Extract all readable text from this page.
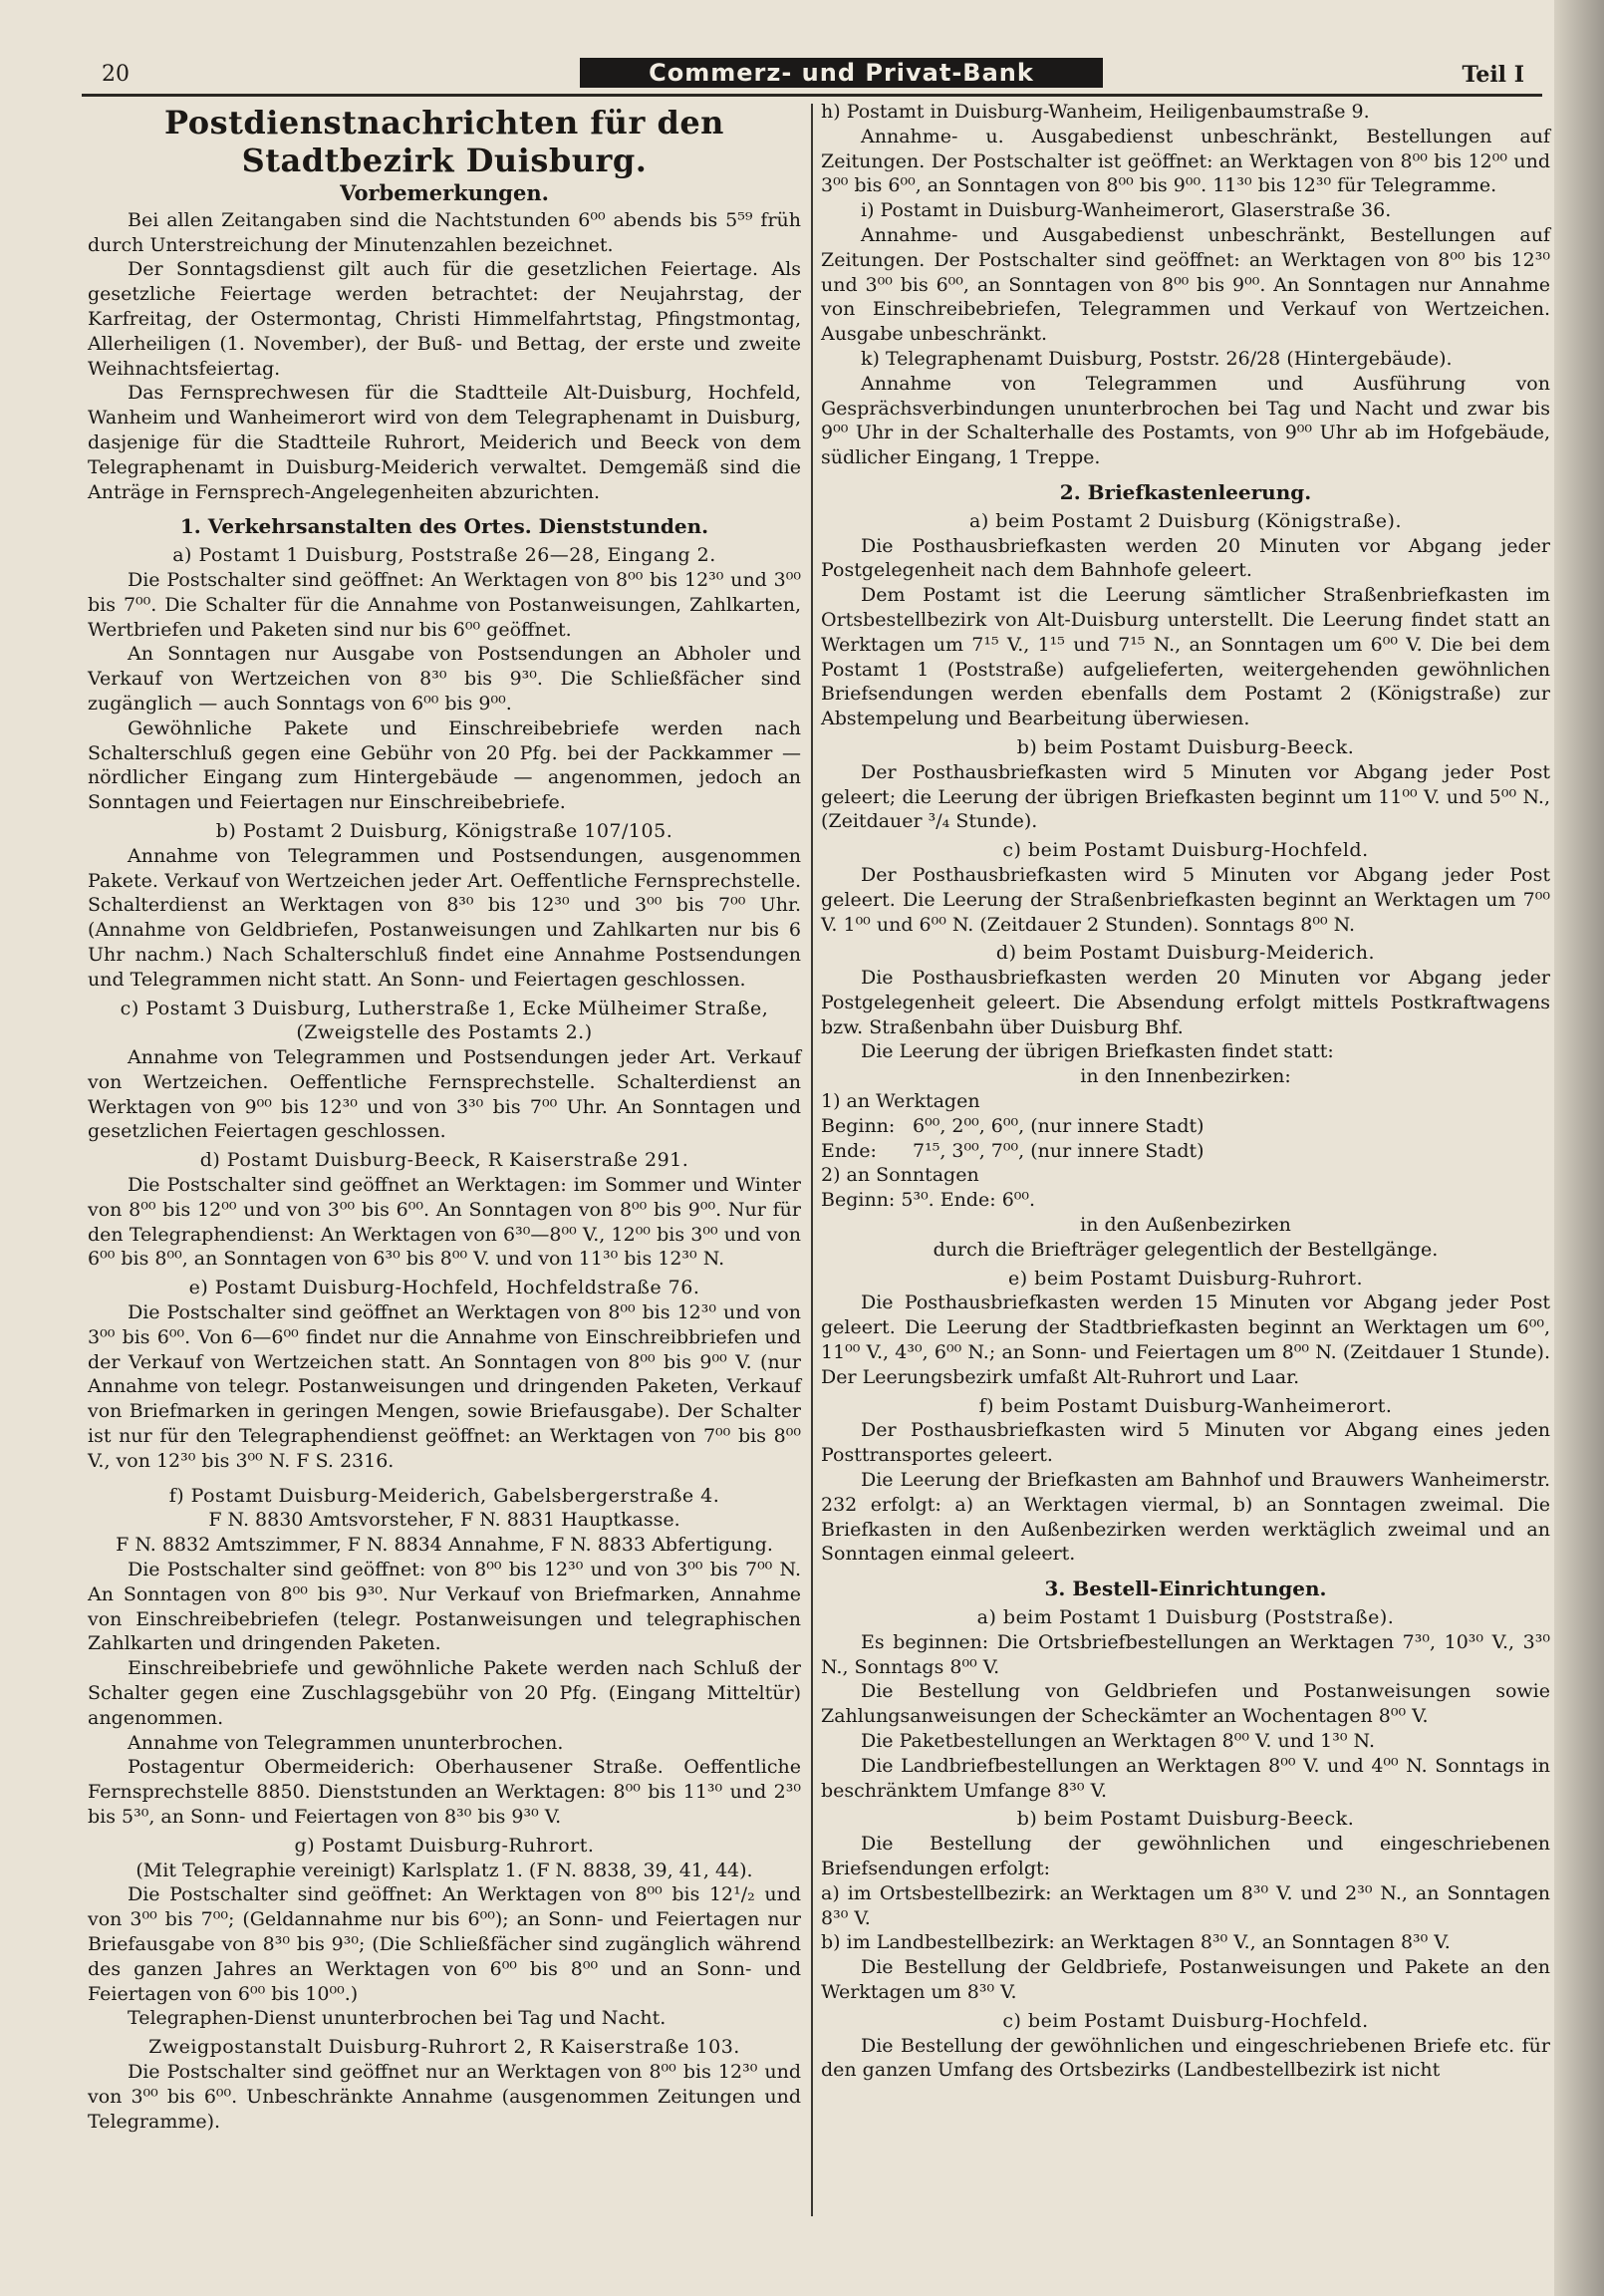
20	Commerz- und Privat-Bank	Teil I
Postdienstnachrichten für den Stadtbezirk Duisburg.
Vorbemerkungen.

Bei allen Zeitangaben sind die Nachtstunden 6⁰⁰ abends bis 5⁵⁹ früh durch Unterstreichung der Minutenzahlen bezeichnet.

Der Sonntagsdienst gilt auch für die gesetzlichen Feiertage. Als gesetzliche Feiertage werden betrachtet: der Neujahrstag, der Karfreitag, der Ostermontag, Christi Himmelfahrtstag, Pfingstmontag, Allerheiligen (1. November), der Buß- und Bettag, der erste und zweite Weihnachtsfeiertag.

Das Fernsprechwesen für die Stadtteile Alt-Duisburg, Hochfeld, Wanheim und Wanheimerort wird von dem Telegraphenamt in Duisburg, dasjenige für die Stadtteile Ruhrort, Meiderich und Beeck von dem Telegraphenamt in Duisburg-Meiderich verwaltet. Demgemäß sind die Anträge in Fernsprech-Angelegenheiten abzurichten.

1. Verkehrsanstalten des Ortes. Dienststunden.
a) Postamt 1 Duisburg, Poststraße 26—28, Eingang 2.

Die Postschalter sind geöffnet: An Werktagen von 8⁰⁰ bis 12³⁰ und 3⁰⁰ bis 7⁰⁰. Die Schalter für die Annahme von Postanweisungen, Zahlkarten, Wertbriefen und Paketen sind nur bis 6⁰⁰ geöffnet.

An Sonntagen nur Ausgabe von Postsendungen an Abholer und Verkauf von Wertzeichen von 8³⁰ bis 9³⁰. Die Schließfächer sind zugänglich — auch Sonntags von 6⁰⁰ bis 9⁰⁰.

Gewöhnliche Pakete und Einschreibebriefe werden nach Schalterschluß gegen eine Gebühr von 20 Pfg. bei der Packkammer — nördlicher Eingang zum Hintergebäude — angenommen, jedoch an Sonntagen und Feiertagen nur Einschreibebriefe.

b) Postamt 2 Duisburg, Königstraße 107/105.

Annahme von Telegrammen und Postsendungen, ausgenommen Pakete. Verkauf von Wertzeichen jeder Art. Oeffentliche Fernsprechstelle. Schalterdienst an Werktagen von 8³⁰ bis 12³⁰ und 3⁰⁰ bis 7⁰⁰ Uhr. (Annahme von Geldbriefen, Postanweisungen und Zahlkarten nur bis 6 Uhr nachm.) Nach Schalterschluß findet eine Annahme Postsendungen und Telegrammen nicht statt. An Sonn- und Feiertagen geschlossen.

c) Postamt 3 Duisburg, Lutherstraße 1, Ecke Mülheimer Straße, (Zweigstelle des Postamts 2.)

Annahme von Telegrammen und Postsendungen jeder Art. Verkauf von Wertzeichen. Oeffentliche Fernsprechstelle. Schalterdienst an Werktagen von 9⁰⁰ bis 12³⁰ und von 3³⁰ bis 7⁰⁰ Uhr. An Sonntagen und gesetzlichen Feiertagen geschlossen.

d) Postamt Duisburg-Beeck, R Kaiserstraße 291.

Die Postschalter sind geöffnet an Werktagen: im Sommer und Winter von 8⁰⁰ bis 12⁰⁰ und von 3⁰⁰ bis 6⁰⁰. An Sonntagen von 8⁰⁰ bis 9⁰⁰. Nur für den Telegraphendienst: An Werktagen von 6³⁰—8⁰⁰ V., 12⁰⁰ bis 3⁰⁰ und von 6⁰⁰ bis 8⁰⁰, an Sonntagen von 6³⁰ bis 8⁰⁰ V. und von 11³⁰ bis 12³⁰ N.

e) Postamt Duisburg-Hochfeld, Hochfeldstraße 76.

Die Postschalter sind geöffnet an Werktagen von 8⁰⁰ bis 12³⁰ und von 3⁰⁰ bis 6⁰⁰. Von 6—6⁰⁰ findet nur die Annahme von Einschreibbriefen und der Verkauf von Wertzeichen statt. An Sonntagen von 8⁰⁰ bis 9⁰⁰ V. (nur Annahme von telegr. Postanweisungen und dringenden Paketen, Verkauf von Briefmarken in geringen Mengen, sowie Briefausgabe). Der Schalter ist nur für den Telegraphendienst geöffnet: an Werktagen von 7⁰⁰ bis 8⁰⁰ V., von 12³⁰ bis 3⁰⁰ N. F S. 2316.

f) Postamt Duisburg-Meiderich, Gabelsbergerstraße 4.

F N. 8830 Amtsvorsteher, F N. 8831 Hauptkasse.

F N. 8832 Amtszimmer, F N. 8834 Annahme, F N. 8833 Abfertigung.

Die Postschalter sind geöffnet: von 8⁰⁰ bis 12³⁰ und von 3⁰⁰ bis 7⁰⁰ N. An Sonntagen von 8⁰⁰ bis 9³⁰. Nur Verkauf von Briefmarken, Annahme von Einschreibebriefen (telegr. Postanweisungen und telegraphischen Zahlkarten und dringenden Paketen.

Einschreibebriefe und gewöhnliche Pakete werden nach Schluß der Schalter gegen eine Zuschlagsgebühr von 20 Pfg. (Eingang Mitteltür) angenommen.

Annahme von Telegrammen ununterbrochen.

Postagentur Obermeiderich: Oberhausener Straße. Oeffentliche Fernsprechstelle 8850. Dienststunden an Werktagen: 8⁰⁰ bis 11³⁰ und 2³⁰ bis 5³⁰, an Sonn- und Feiertagen von 8³⁰ bis 9³⁰ V.

g) Postamt Duisburg-Ruhrort.

(Mit Telegraphie vereinigt) Karlsplatz 1. (F N. 8838, 39, 41, 44).

Die Postschalter sind geöffnet: An Werktagen von 8⁰⁰ bis 12¹/₂ und von 3⁰⁰ bis 7⁰⁰; (Geldannahme nur bis 6⁰⁰); an Sonn- und Feiertagen nur Briefausgabe von 8³⁰ bis 9³⁰; (Die Schließfächer sind zugänglich während des ganzen Jahres an Werktagen von 6⁰⁰ bis 8⁰⁰ und an Sonn- und Feiertagen von 6⁰⁰ bis 10⁰⁰.)

Telegraphen-Dienst ununterbrochen bei Tag und Nacht.

Zweigpostanstalt Duisburg-Ruhrort 2, R Kaiserstraße 103.

Die Postschalter sind geöffnet nur an Werktagen von 8⁰⁰ bis 12³⁰ und von 3⁰⁰ bis 6⁰⁰. Unbeschränkte Annahme (ausgenommen Zeitungen und Telegramme).

h) Postamt in Duisburg-Wanheim, Heiligenbaumstraße 9.

Annahme- u. Ausgabedienst unbeschränkt, Bestellungen auf Zeitungen. Der Postschalter ist geöffnet: an Werktagen von 8⁰⁰ bis 12⁰⁰ und 3⁰⁰ bis 6⁰⁰, an Sonntagen von 8⁰⁰ bis 9⁰⁰. 11³⁰ bis 12³⁰ für Telegramme.

i) Postamt in Duisburg-Wanheimerort, Glaserstraße 36.

Annahme- und Ausgabedienst unbeschränkt, Bestellungen auf Zeitungen. Der Postschalter sind geöffnet: an Werktagen von 8⁰⁰ bis 12³⁰ und 3⁰⁰ bis 6⁰⁰, an Sonntagen von 8⁰⁰ bis 9⁰⁰. An Sonntagen nur Annahme von Einschreibebriefen, Telegrammen und Verkauf von Wertzeichen. Ausgabe unbeschränkt.

k) Telegraphenamt Duisburg, Poststr. 26/28 (Hintergebäude).

Annahme von Telegrammen und Ausführung von Gesprächsverbindungen ununterbrochen bei Tag und Nacht und zwar bis 9⁰⁰ Uhr in der Schalterhalle des Postamts, von 9⁰⁰ Uhr ab im Hofgebäude, südlicher Eingang, 1 Treppe.

2. Briefkastenleerung.
a) beim Postamt 2 Duisburg (Königstraße).

Die Posthausbriefkasten werden 20 Minuten vor Abgang jeder Postgelegenheit nach dem Bahnhofe geleert.

Dem Postamt ist die Leerung sämtlicher Straßenbriefkasten im Ortsbestellbezirk von Alt-Duisburg unterstellt. Die Leerung findet statt an Werktagen um 7¹⁵ V., 1¹⁵ und 7¹⁵ N., an Sonntagen um 6⁰⁰ V. Die bei dem Postamt 1 (Poststraße) aufgelieferten, weitergehenden gewöhnlichen Briefsendungen werden ebenfalls dem Postamt 2 (Königstraße) zur Abstempelung und Bearbeitung überwiesen.

b) beim Postamt Duisburg-Beeck.

Der Posthausbriefkasten wird 5 Minuten vor Abgang jeder Post geleert; die Leerung der übrigen Briefkasten beginnt um 11⁰⁰ V. und 5⁰⁰ N., (Zeitdauer ³/₄ Stunde).

c) beim Postamt Duisburg-Hochfeld.

Der Posthausbriefkasten wird 5 Minuten vor Abgang jeder Post geleert. Die Leerung der Straßenbriefkasten beginnt an Werktagen um 7⁰⁰ V. 1⁰⁰ und 6⁰⁰ N. (Zeitdauer 2 Stunden). Sonntags 8⁰⁰ N.

d) beim Postamt Duisburg-Meiderich.

Die Posthausbriefkasten werden 20 Minuten vor Abgang jeder Postgelegenheit geleert. Die Absendung erfolgt mittels Postkraftwagens bzw. Straßenbahn über Duisburg Bhf.

Die Leerung der übrigen Briefkasten findet statt:

in den Innenbezirken:

1) an Werktagen

Beginn: 6⁰⁰, 2⁰⁰, 6⁰⁰, (nur innere Stadt)
Ende:	7¹⁵, 3⁰⁰, 7⁰⁰, (nur innere Stadt)

2) an Sonntagen

Beginn: 5³⁰. Ende: 6⁰⁰.

in den Außenbezirken

durch die Briefträger gelegentlich der Bestellgänge.

e) beim Postamt Duisburg-Ruhrort.

Die Posthausbriefkasten werden 15 Minuten vor Abgang jeder Post geleert. Die Leerung der Stadtbriefkasten beginnt an Werktagen um 6⁰⁰, 11⁰⁰ V., 4³⁰, 6⁰⁰ N.; an Sonn- und Feiertagen um 8⁰⁰ N. (Zeitdauer 1 Stunde). Der Leerungsbezirk umfaßt Alt-Ruhrort und Laar.

f) beim Postamt Duisburg-Wanheimerort.

Der Posthausbriefkasten wird 5 Minuten vor Abgang eines jeden Posttransportes geleert.

Die Leerung der Briefkasten am Bahnhof und Brauwers Wanheimerstr. 232 erfolgt: a) an Werktagen viermal, b) an Sonntagen zweimal. Die Briefkasten in den Außenbezirken werden werktäglich zweimal und an Sonntagen einmal geleert.

3. Bestell-Einrichtungen.
a) beim Postamt 1 Duisburg (Poststraße).

Es beginnen: Die Ortsbriefbestellungen an Werktagen 7³⁰, 10³⁰ V., 3³⁰ N., Sonntags 8⁰⁰ V.

Die Bestellung von Geldbriefen und Postanweisungen sowie Zahlungsanweisungen der Scheckämter an Wochentagen 8⁰⁰ V.

Die Paketbestellungen an Werktagen 8⁰⁰ V. und 1³⁰ N.

Die Landbriefbestellungen an Werktagen 8⁰⁰ V. und 4⁰⁰ N. Sonntags in beschränktem Umfange 8³⁰ V.

b) beim Postamt Duisburg-Beeck.

Die Bestellung der gewöhnlichen und eingeschriebenen Briefsendungen erfolgt:

a) im Ortsbestellbezirk: an Werktagen um 8³⁰ V. und 2³⁰ N., an Sonntagen 8³⁰ V.

b) im Landbestellbezirk: an Werktagen 8³⁰ V., an Sonntagen 8³⁰ V.

Die Bestellung der Geldbriefe, Postanweisungen und Pakete an den Werktagen um 8³⁰ V.

c) beim Postamt Duisburg-Hochfeld.

Die Bestellung der gewöhnlichen und eingeschriebenen Briefe etc. für den ganzen Umfang des Ortsbezirks (Landbestellbezirk ist nicht
